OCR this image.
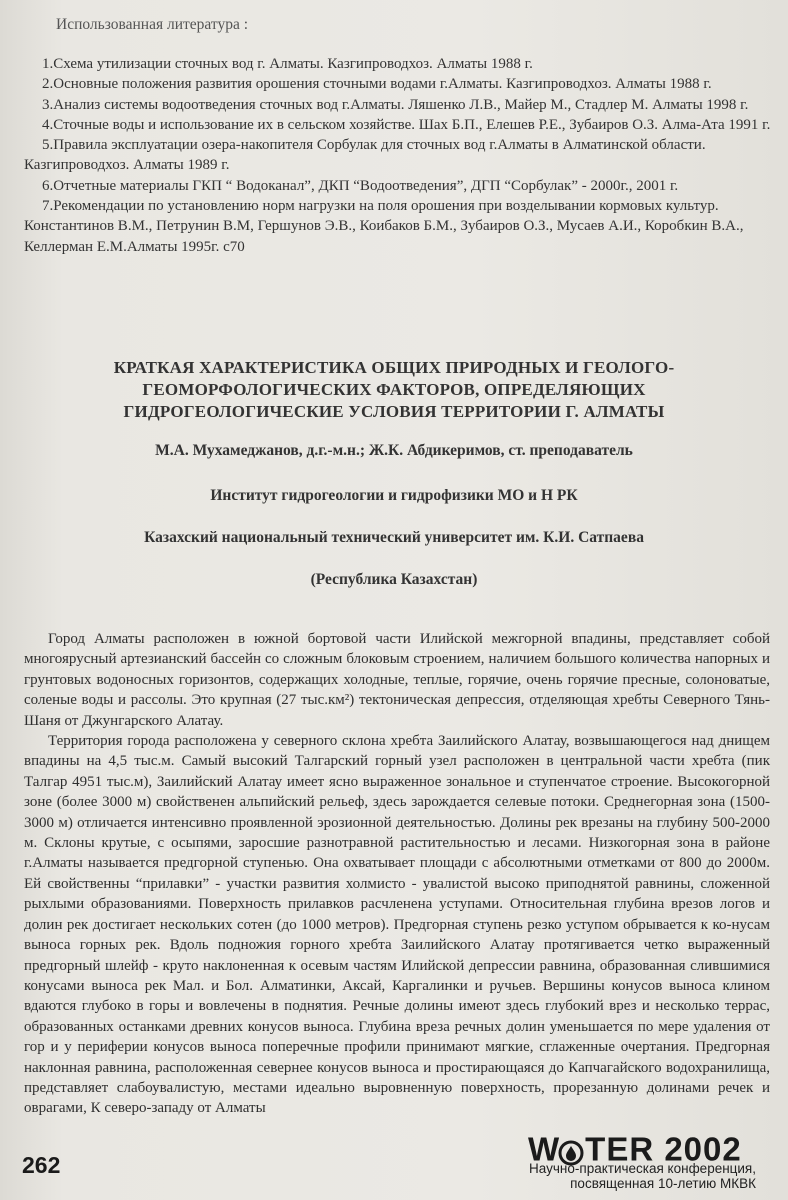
Использованная литература :
1.Схема утилизации сточных вод г. Алматы. Казгипроводхоз. Алматы 1988 г.
2.Основные положения развития орошения сточными водами г.Алматы. Казгипроводхоз. Алматы 1988 г.
3.Анализ системы водоотведения сточных вод г.Алматы. Ляшенко Л.В., Майер М., Стадлер М. Алматы 1998 г.
4.Сточные воды и использование их в сельском хозяйстве. Шах Б.П., Елешев Р.Е., Зубаиров О.З. Алма-Ата 1991 г.
5.Правила эксплуатации озера-накопителя Сорбулак для сточных вод г.Алматы в Алматинской области. Казгипроводхоз. Алматы 1989 г.
6.Отчетные материалы ГКП “ Водоканал”, ДКП “Водоотведения”, ДГП “Сорбулак” - 2000г., 2001 г.
7.Рекомендации по установлению норм нагрузки на поля орошения при возделывании кормовых культур. Константинов В.М., Петрунин В.М, Гершунов Э.В., Коибаков Б.М., Зубаиров О.З., Мусаев А.И., Коробкин В.А., Келлерман Е.М.Алматы 1995г. с70
КРАТКАЯ ХАРАКТЕРИСТИКА ОБЩИХ ПРИРОДНЫХ И ГЕОЛОГО-ГЕОМОРФОЛОГИЧЕСКИХ ФАКТОРОВ, ОПРЕДЕЛЯЮЩИХ ГИДРОГЕОЛОГИЧЕСКИЕ УСЛОВИЯ ТЕРРИТОРИИ Г. АЛМАТЫ
М.А. Мухамеджанов, д.г.-м.н.; Ж.К. Абдикеримов, ст. преподаватель
Институт гидрогеологии и гидрофизики МО и Н РК
Казахский национальный технический университет им. К.И. Сатпаева
(Республика Казахстан)

Город Алматы расположен в южной бортовой части Илийской межгорной впадины, представляет собой многоярусный артезианский бассейн со сложным блоковым строением, наличием большого количества напорных и грунтовых водоносных горизонтов, содержащих холодные, теплые, горячие, очень горячие пресные, солоноватые, соленые воды и рассолы. Это крупная (27 тыс.км²) тектоническая депрессия, отделяющая хребты Северного Тянь-Шаня от Джунгарского Алатау.

Территория города расположена у северного склона хребта Заилийского Алатау, возвышающегося над днищем впадины на 4,5 тыс.м. Самый высокий Талгарский горный узел расположен в центральной части хребта (пик Талгар 4951 тыс.м), Заилийский Алатау имеет ясно выраженное зональное и ступенчатое строение. Высокогорной зоне (более 3000 м) свойственен альпийский рельеф, здесь зарождается селевые потоки. Среднегорная зона (1500-3000 м) отличается интенсивно проявленной эрозионной деятельностью. Долины рек врезаны на глубину 500-2000 м. Склоны крутые, с осыпями, заросшие разнотравной растительностью и лесами. Низкогорная зона в районе г.Алматы называется предгорной ступенью. Она охватывает площади с абсолютными отметками от 800 до 2000м. Ей свойственны “прилавки” - участки развития холмисто - увалистой высоко приподнятой равнины, сложенной рыхлыми образованиями. Поверхность прилавков расчленена уступами. Относительная глубина врезов логов и долин рек достигает нескольких сотен (до 1000 метров). Предгорная ступень резко уступом обрывается к ко-нусам выноса горных рек. Вдоль подножия горного хребта Заилийского Алатау протягивается четко выраженный предгорный шлейф - круто наклоненная к осевым частям Илийской депрессии равнина, образованная слившимися конусами выноса рек Мал. и Бол. Алматинки, Аксай, Каргалинки и ручьев. Вершины конусов выноса клином вдаются глубоко в горы и вовлечены в поднятия. Речные долины имеют здесь глубокий врез и несколько террас, образованных останками древних конусов выноса. Глубина вреза речных долин уменьшается по мере удаления от гор и у периферии конусов выноса поперечные профили принимают мягкие, сглаженные очертания. Предгорная наклонная равнина, расположенная севернее конусов выноса и простирающаяся до Капчагайского водохранилища, представляет слабоувалистую, местами идеально выровненную поверхность, прорезанную долинами речек и оврагами, К северо-западу от Алматы

262	W TER 2002
Научно-практическая конференция,
посвященная 10-летию МКВК
